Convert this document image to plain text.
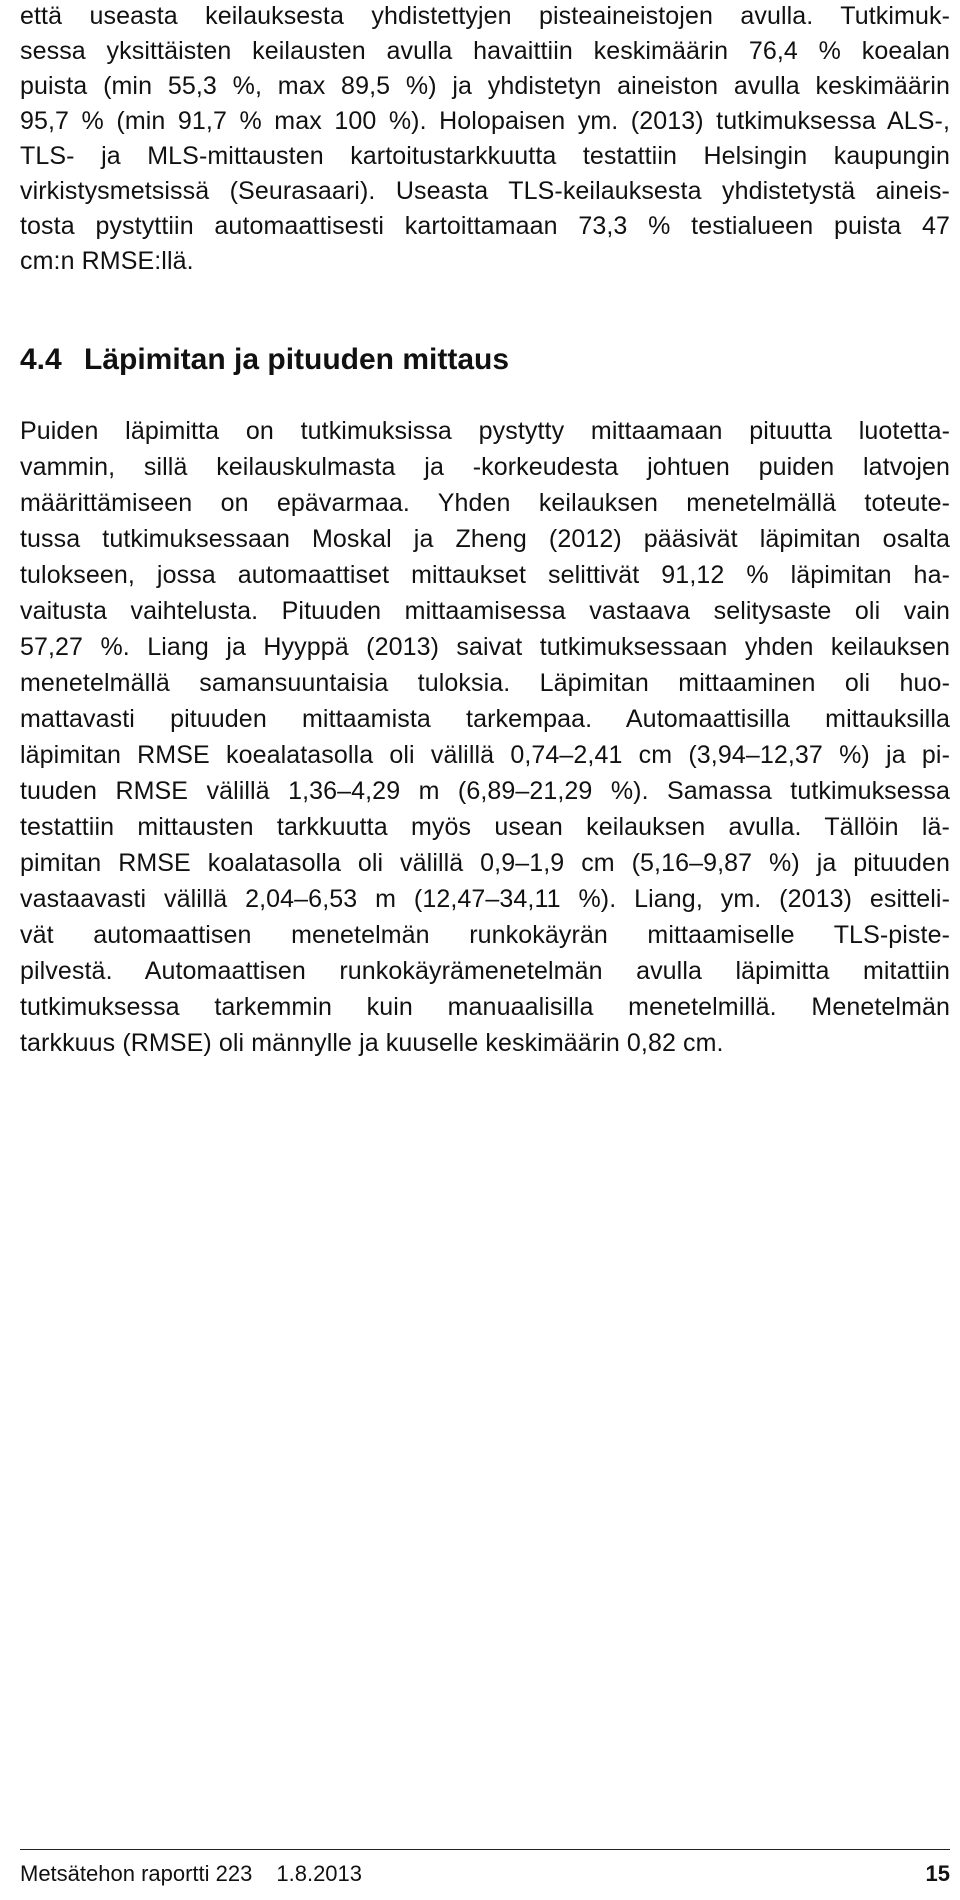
että useasta keilauksesta yhdistettyjen pisteaineistojen avulla. Tutkimuk-
sessa yksittäisten keilausten avulla havaittiin keskimäärin 76,4 % koealan
puista (min 55,3 %, max 89,5 %) ja yhdistetyn aineiston avulla keskimäärin
95,7 % (min 91,7 % max 100 %). Holopaisen ym. (2013) tutkimuksessa ALS-,
TLS- ja MLS-mittausten kartoitustarkkuutta testattiin Helsingin kaupungin
virkistysmetsissä (Seurasaari). Useasta TLS-keilauksesta yhdistetystä aineis-
tosta pystyttiin automaattisesti kartoittamaan 73,3 % testialueen puista 47
cm:n RMSE:llä.
4.4 Läpimitan ja pituuden mittaus
Puiden läpimitta on tutkimuksissa pystytty mittaamaan pituutta luotetta-
vammin, sillä keilauskulmasta ja -korkeudesta johtuen puiden latvojen
määrittämiseen on epävarmaa. Yhden keilauksen menetelmällä toteute-
tussa tutkimuksessaan Moskal ja Zheng (2012) pääsivät läpimitan osalta
tulokseen, jossa automaattiset mittaukset selittivät 91,12 % läpimitan ha-
vaitusta vaihtelusta. Pituuden mittaamisessa vastaava selitysaste oli vain
57,27 %. Liang ja Hyyppä (2013) saivat tutkimuksessaan yhden keilauksen
menetelmällä samansuuntaisia tuloksia. Läpimitan mittaaminen oli huo-
mattavasti pituuden mittaamista tarkempaa. Automaattisilla mittauksilla
läpimitan RMSE koealatasolla oli välillä 0,74–2,41 cm (3,94–12,37 %) ja pi-
tuuden RMSE välillä 1,36–4,29 m (6,89–21,29 %). Samassa tutkimuksessa
testattiin mittausten tarkkuutta myös usean keilauksen avulla. Tällöin lä-
pimitan RMSE koalatasolla oli välillä 0,9–1,9 cm (5,16–9,87 %) ja pituuden
vastaavasti välillä 2,04–6,53 m (12,47–34,11 %). Liang, ym. (2013) esitteli-
vät automaattisen menetelmän runkokäyrän mittaamiselle TLS-piste-
pilvestä. Automaattisen runkokäyrämenetelmän avulla läpimitta mitattiin
tutkimuksessa tarkemmin kuin manuaalisilla menetelmillä. Menetelmän
tarkkuus (RMSE) oli männylle ja kuuselle keskimäärin 0,82 cm.
Metsätehon raportti 223 1.8.2013	15
